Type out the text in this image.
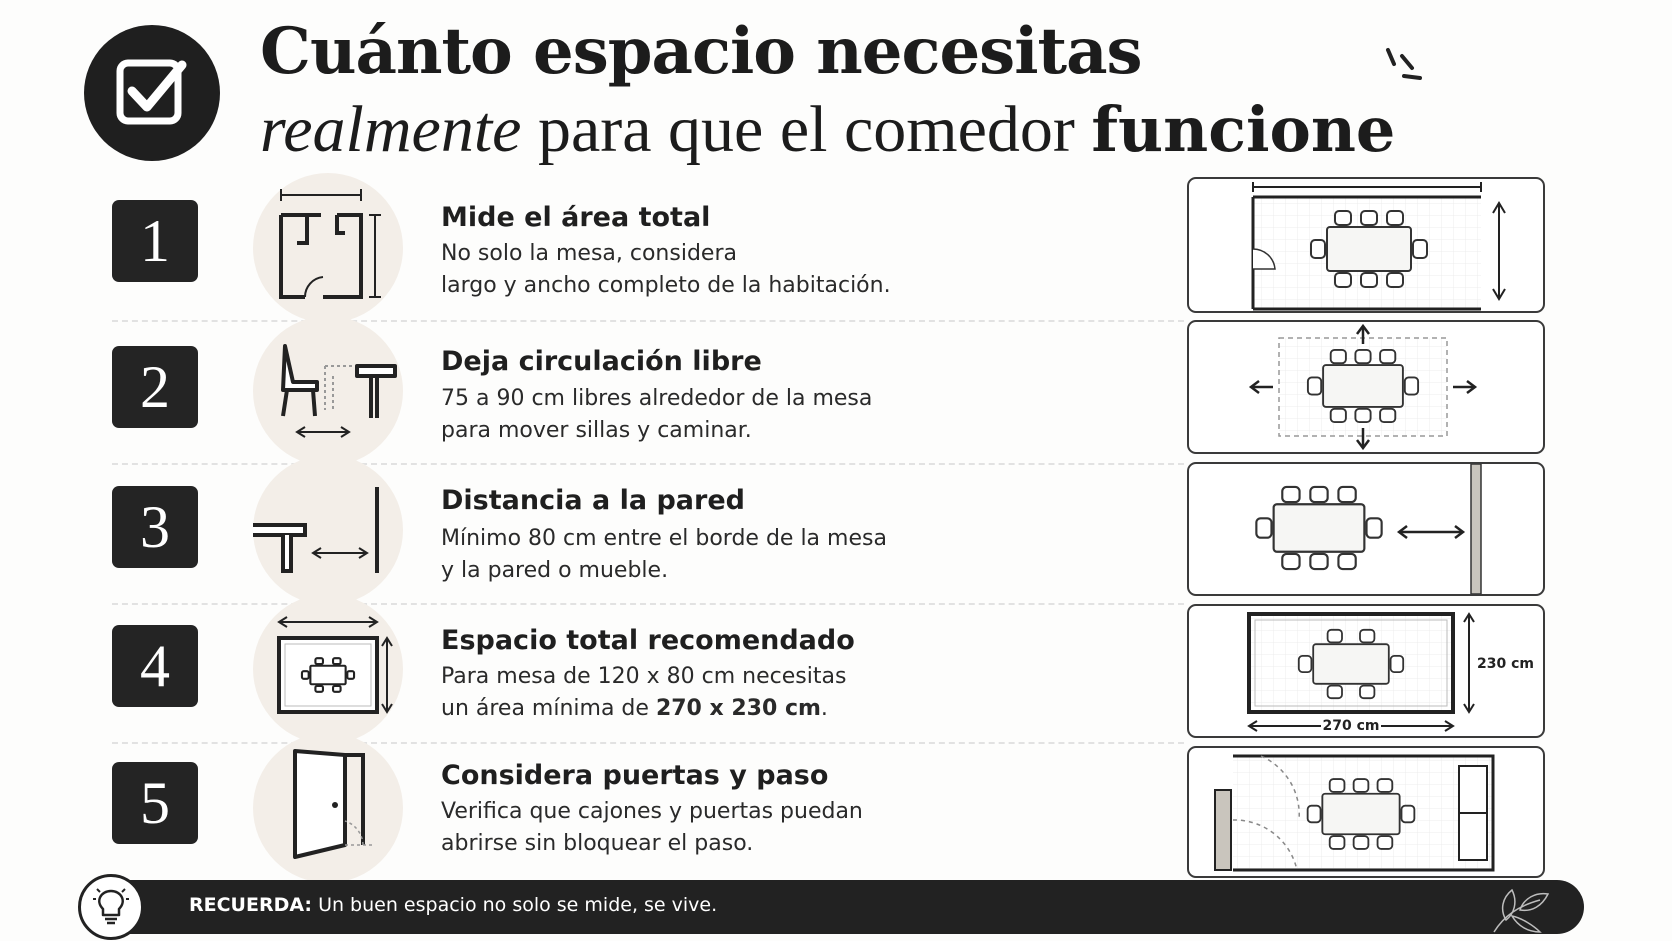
Cuánto espacio necesitas
realmente para que el comedor funcione
1	Mide el área total
No solo la mesa, considera
largo y ancho completo de la habitación.
2	Deja circulación libre
75 a 90 cm libres alrededor de la mesa
para mover sillas y caminar.
3	Distancia a la pared
Mínimo 80 cm entre el borde de la mesa
y la pared o mueble.
4	Espacio total recomendado
Para mesa de 120 x 80 cm necesitas
un área mínima de 270 x 230 cm.
230 cm
270 cm
5	Considera puertas y paso
Verifica que cajones y puertas puedan
abrirse sin bloquear el paso.
RECUERDA: Un buen espacio no solo se mide, se vive.
